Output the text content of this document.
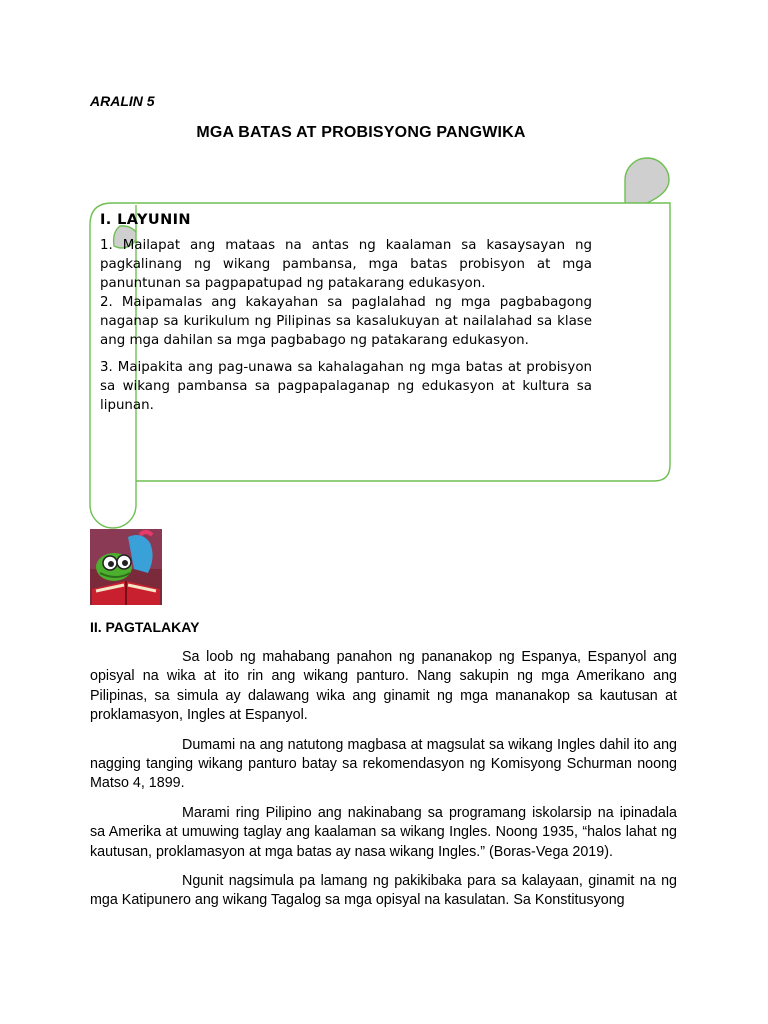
ARALIN 5
MGA BATAS AT PROBISYONG PANGWIKA
I. LAYUNIN

1. Mailapat ang mataas na antas ng kaalaman sa kasaysayan ng pagkalinang ng wikang pambansa, mga batas probisyon at mga panuntunan sa pagpapatupad ng patakarang edukasyon.

2. Maipamalas ang kakayahan sa paglalahad ng mga pagbabagong naganap sa kurikulum ng Pilipinas sa kasalukuyan at nailalahad sa klase ang mga dahilan sa mga pagbabago ng patakarang edukasyon.

3. Maipakita ang pag-unawa sa kahalagahan ng mga batas at probisyon sa wikang pambansa sa pagpapalaganap ng edukasyon at kultura sa lipunan.

II. PAGTALAKAY

Sa loob ng mahabang panahon ng pananakop ng Espanya, Espanyol ang opisyal na wika at ito rin ang wikang panturo. Nang sakupin ng mga Amerikano ang Pilipinas, sa simula ay dalawang wika ang ginamit ng mga mananakop sa kautusan at proklamasyon, Ingles at Espanyol.

Dumami na ang natutong magbasa at magsulat sa wikang Ingles dahil ito ang nagging tanging wikang panturo batay sa rekomendasyon ng Komisyong Schurman noong Matso 4, 1899.

Marami ring Pilipino ang nakinabang sa programang iskolarsip na ipinadala sa Amerika at umuwing taglay ang kaalaman sa wikang Ingles. Noong 1935, “halos lahat ng kautusan, proklamasyon at mga batas ay nasa wikang Ingles.” (Boras-Vega 2019).

Ngunit nagsimula pa lamang ng pakikibaka para sa kalayaan, ginamit na ng mga Katipunero ang wikang Tagalog sa mga opisyal na kasulatan. Sa Konstitusyong
